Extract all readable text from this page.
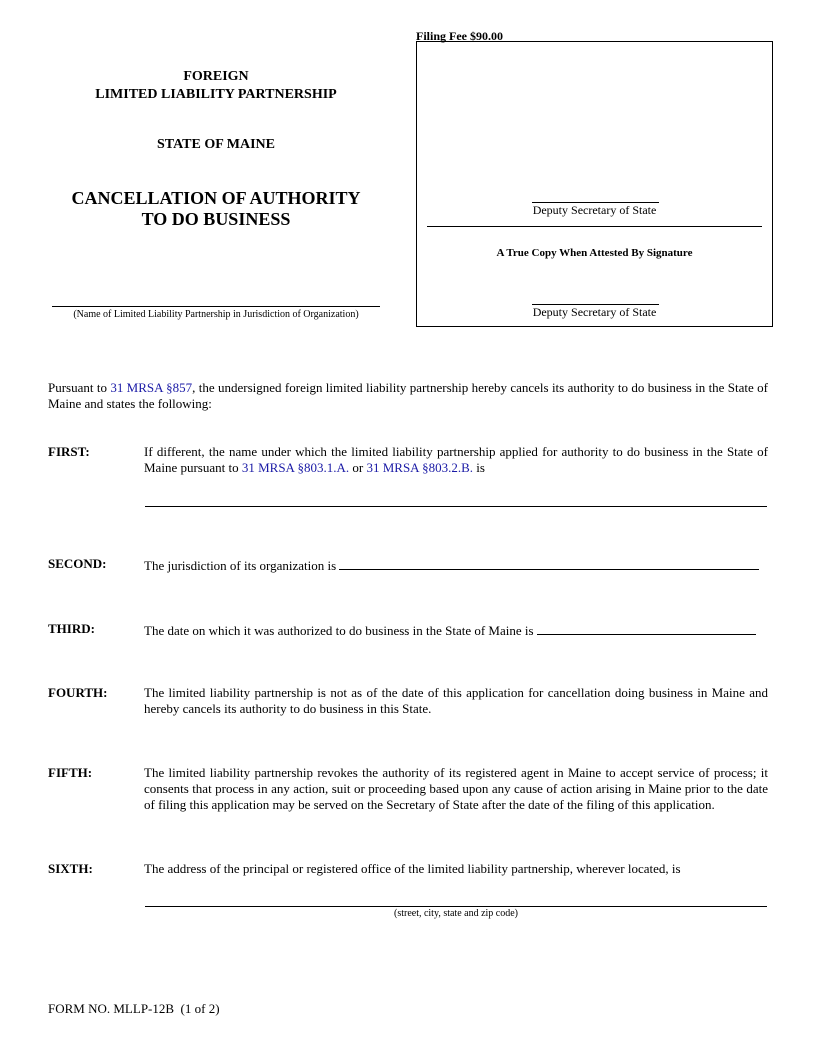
FOREIGN
LIMITED LIABILITY PARTNERSHIP
STATE OF MAINE
CANCELLATION OF AUTHORITY
TO DO BUSINESS
(Name of Limited Liability Partnership in Jurisdiction of Organization)
Filing Fee $90.00
Deputy Secretary of State
A True Copy When Attested By Signature
Deputy Secretary of State
Pursuant to 31 MRSA §857, the undersigned foreign limited liability partnership hereby cancels its authority to do business in the State of Maine and states the following:
FIRST:	If different, the name under which the limited liability partnership applied for authority to do business in the State of Maine pursuant to 31 MRSA §803.1.A. or 31 MRSA §803.2.B. is
SECOND:	The jurisdiction of its organization is
THIRD:	The date on which it was authorized to do business in the State of Maine is
FOURTH:	The limited liability partnership is not as of the date of this application for cancellation doing business in Maine and hereby cancels its authority to do business in this State.
FIFTH:	The limited liability partnership revokes the authority of its registered agent in Maine to accept service of process; it consents that process in any action, suit or proceeding based upon any cause of action arising in Maine prior to the date of filing this application may be served on the Secretary of State after the date of the filing of this application.
SIXTH:	The address of the principal or registered office of the limited liability partnership, wherever located, is
(street, city, state and zip code)
FORM NO. MLLP-12B  (1 of 2)
